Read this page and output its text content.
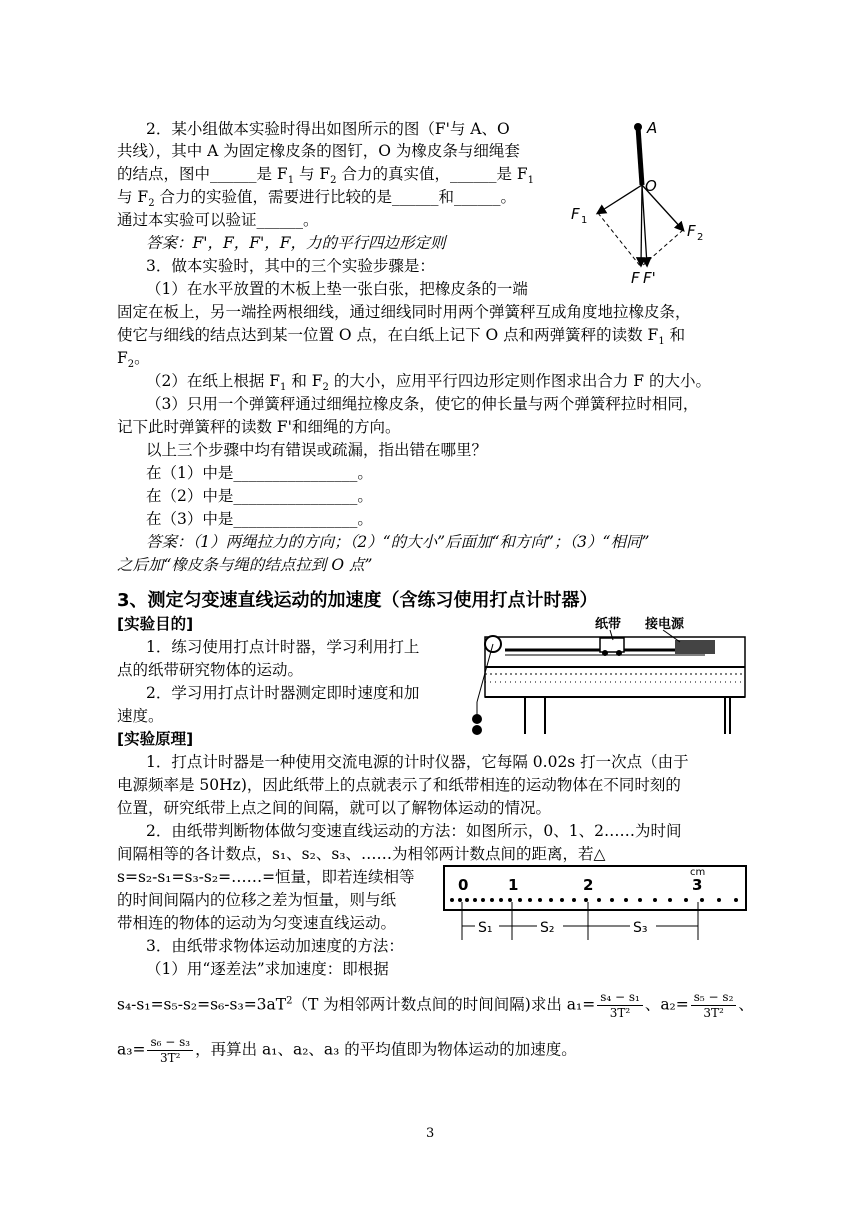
2．某小组做本实验时得出如图所示的图（F'与 A、O
共线），其中 A 为固定橡皮条的图钉，O 为橡皮条与细绳套
的结点，图中______是 $F_1$ 与 $F_2$ 合力的真实值，______是 $F_1$
与 $F_2$ 合力的实验值，需要进行比较的是______和______。
通过本实验可以验证______。
答案：F'，F，F'，F，力的平行四边形定则
A
O
F 1
F 2
F F'
3．做本实验时，其中的三个实验步骤是：
（1）在水平放置的木板上垫一张白张，把橡皮条的一端
固定在板上，另一端拴两根细线，通过细线同时用两个弹簧秤互成角度地拉橡皮条，
使它与细线的结点达到某一位置 O 点，在白纸上记下 O 点和两弹簧秤的读数 $F_1$ 和
$F_2$。
（2）在纸上根据 $F_1$ 和 $F_2$ 的大小，应用平行四边形定则作图求出合力 F 的大小。
（3）只用一个弹簧秤通过细绳拉橡皮条，使它的伸长量与两个弹簧秤拉时相同，
记下此时弹簧秤的读数 F'和细绳的方向。
以上三个步骤中均有错误或疏漏，指出错在哪里？
在（1）中是________________。
在（2）中是________________。
在（3）中是________________。
答案：（1）两绳拉力的方向；（2）“的大小”后面加“和方向”；（3）“相同”
之后加“橡皮条与绳的结点拉到 O 点”
3、测定匀变速直线运动的加速度（含练习使用打点计时器）
[实验目的]
1．练习使用打点计时器，学习利用打上
点的纸带研究物体的运动。
2．学习用打点计时器测定即时速度和加
速度。
[实验原理]
1．打点计时器是一种使用交流电源的计时仪器，它每隔 0.02s 打一次点（由于
电源频率是 50Hz)，因此纸带上的点就表示了和纸带相连的运动物体在不同时刻的
位置，研究纸带上点之间的间隔，就可以了解物体运动的情况。
2．由纸带判断物体做匀变速直线运动的方法：如图所示，0、1、2……为时间
间隔相等的各计数点，s₁、s₂、s₃、……为相邻两计数点间的距离，若△
s=s₂-s₁=s₃-s₂=……=恒量，即若连续相等
的时间间隔内的位移之差为恒量，则与纸
带相连的物体的运动为匀变速直线运动。
3．由纸带求物体运动加速度的方法：
（1）用“逐差法”求加速度：即根据
$s_4-s_1=s_5-s_2=s_6-s_3=3aT^2(T$ 为相邻两计数点间的时间间隔)求出 $a_1= \frac{\text{s₄ − s₁}}{\text{3T²}}$ 、$a_2= \frac{\text{s₅ − s₂}}{\text{3T²}}$ 、
$a_3= \frac{\text{s₆ − s₃}}{\text{3T²}}$ ，再算出 a₁、a₂、a₃ 的平均值即为物体运动的加速度。
纸带 接电源
0	1	2	3
cm
S₁	S₂	S₃
3
